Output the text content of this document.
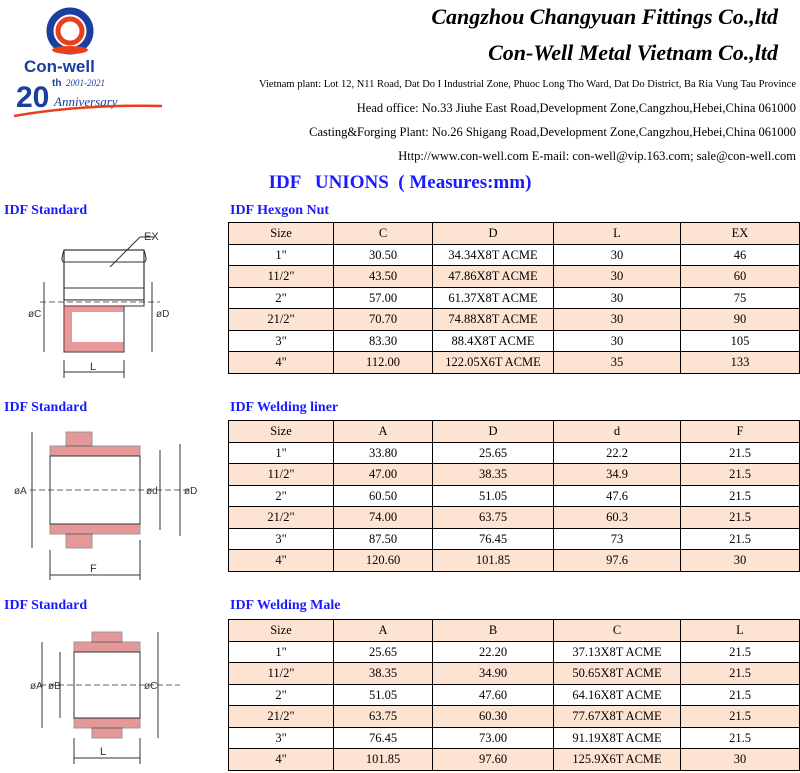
Con-well
20 th 2001-2021
Anniversary
Cangzhou Changyuan Fittings Co.,ltd
Con-Well Metal Vietnam Co.,ltd
Vietnam plant: Lot 12, N11 Road, Dat Do I Industrial Zone, Phuoc Long Tho Ward, Dat Do District, Ba Ria Vung Tau Province
Head office: No.33 Jiuhe East Road,Development Zone,Cangzhou,Hebei,China 061000
Casting&Forging Plant: No.26 Shigang Road,Development Zone,Cangzhou,Hebei,China 061000
Http://www.con-well.com E-mail: con-well@vip.163.com; sale@con-well.com
IDF   UNIONS  ( Measures:mm)
IDF Standard	IDF Hexgon Nut
EX
øC	øD
L
Size	C	D	L	EX
1"	30.50	34.34X8T ACME	30	46
11/2"	43.50	47.86X8T ACME	30	60
2"	57.00	61.37X8T ACME	30	75
21/2"	70.70	74.88X8T ACME	30	90
3"	83.30	88.4X8T ACME	30	105
4"	112.00	122.05X6T ACME	35	133
IDF Standard	IDF Welding liner
øA	ød	øD
F
Size	A	D	d	F
1"	33.80	25.65	22.2	21.5
11/2"	47.00	38.35	34.9	21.5
2"	60.50	51.05	47.6	21.5
21/2"	74.00	63.75	60.3	21.5
3"	87.50	76.45	73	21.5
4"	120.60	101.85	97.6	30
IDF Standard	IDF Welding Male
øA øB	øC
L
Size	A	B	C	L
1"	25.65	22.20	37.13X8T ACME	21.5
11/2"	38.35	34.90	50.65X8T ACME	21.5
2"	51.05	47.60	64.16X8T ACME	21.5
21/2"	63.75	60.30	77.67X8T ACME	21.5
3"	76.45	73.00	91.19X8T ACME	21.5
4"	101.85	97.60	125.9X6T ACME	30
